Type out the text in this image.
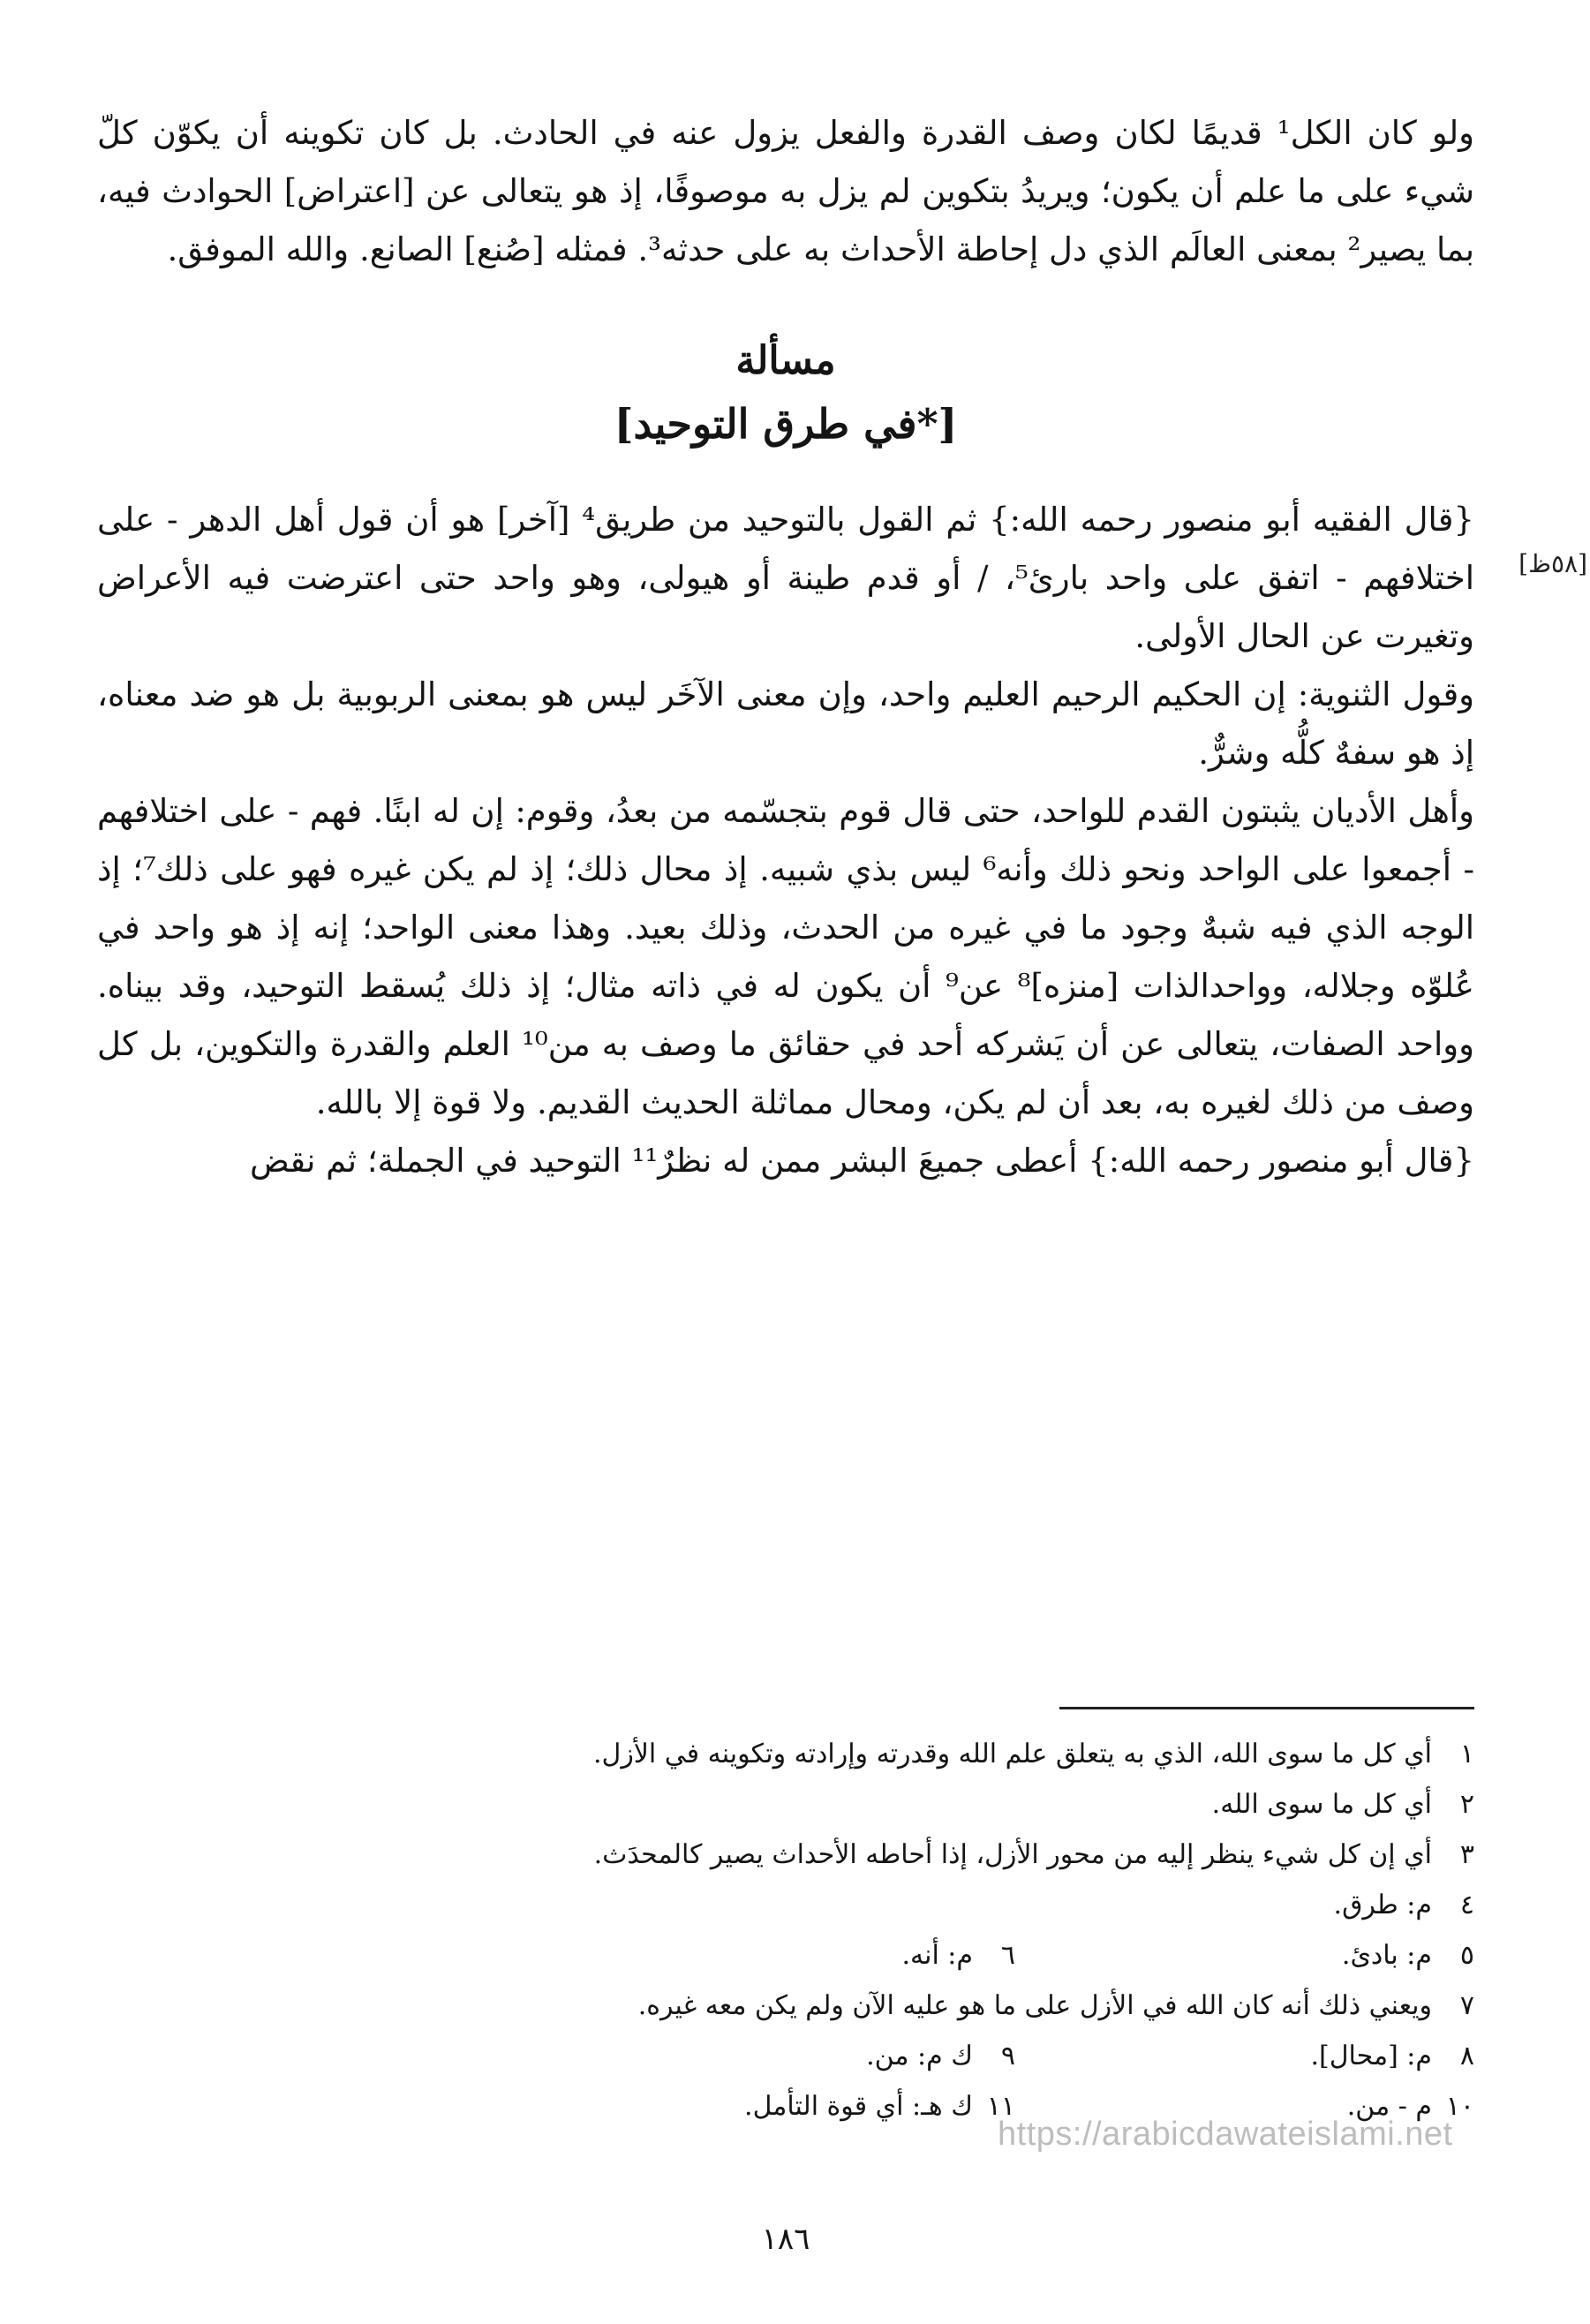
ولو كان الكل¹ قديمًا لكان وصف القدرة والفعل يزول عنه في الحادث. بل كان تكوينه أن يكوّن كلّ شيء على ما علم أن يكون؛ ويريدُ بتكوين لم يزل به موصوفًا، إذ هو يتعالى عن [اعتراض] الحوادث فيه، بما يصير² بمعنى العالَم الذي دل إحاطة الأحداث به على حدثه³. فمثله [صُنع] الصانع. والله الموفق.

مسألة

[في طرق التوحيد*]

[٥٨ظ]

{قال الفقيه أبو منصور رحمه الله:} ثم القول بالتوحيد من طريق⁴ [آخر] هو أن قول أهل الدهر - على اختلافهم - اتفق على واحد بارئ⁵، / أو قدم طينة أو هيولى، وهو واحد حتى اعترضت فيه الأعراض وتغيرت عن الحال الأولى.

وقول الثنوية: إن الحكيم الرحيم العليم واحد، وإن معنى الآخَر ليس هو بمعنى الربوبية بل هو ضد معناه، إذ هو سفهٌ كلُّه وشرٌّ.

وأهل الأديان يثبتون القدم للواحد، حتى قال قوم بتجسّمه من بعدُ، وقوم: إن له ابنًا. فهم - على اختلافهم - أجمعوا على الواحد ونحو ذلك وأنه⁶ ليس بذي شبيه. إذ محال ذلك؛ إذ لم يكن غيره فهو على ذلك⁷؛ إذ الوجه الذي فيه شبهٌ وجود ما في غيره من الحدث، وذلك بعيد. وهذا معنى الواحد؛ إنه إذ هو واحد في عُلوّه وجلاله، وواحدالذات [منزه]⁸ عن⁹ أن يكون له في ذاته مثال؛ إذ ذلك يُسقط التوحيد، وقد بيناه. وواحد الصفات، يتعالى عن أن يَشركه أحد في حقائق ما وصف به من¹⁰ العلم والقدرة والتكوين، بل كل وصف من ذلك لغيره به، بعد أن لم يكن، ومحال مماثلة الحديث القديم. ولا قوة إلا بالله.

{قال أبو منصور رحمه الله:} أعطى جميعَ البشر ممن له نظرٌ¹¹ التوحيد في الجملة؛ ثم نقض

١أي كل ما سوى الله، الذي به يتعلق علم الله وقدرته وإرادته وتكوينه في الأزل.

٢أي كل ما سوى الله.

٣أي إن كل شيء ينظر إليه من محور الأزل، إذا أحاطه الأحداث يصير كالمحدَث.

٤م: طرق.

٥م: بادئ.

٦م: أنه.

٧ويعني ذلك أنه كان الله في الأزل على ما هو عليه الآن ولم يكن معه غيره.

٨م: [محال].

٩ك م: من.

١٠م - من.

١١ك هـ: أي قوة التأمل.

١٨٦
https://arabicdawateislami.net
